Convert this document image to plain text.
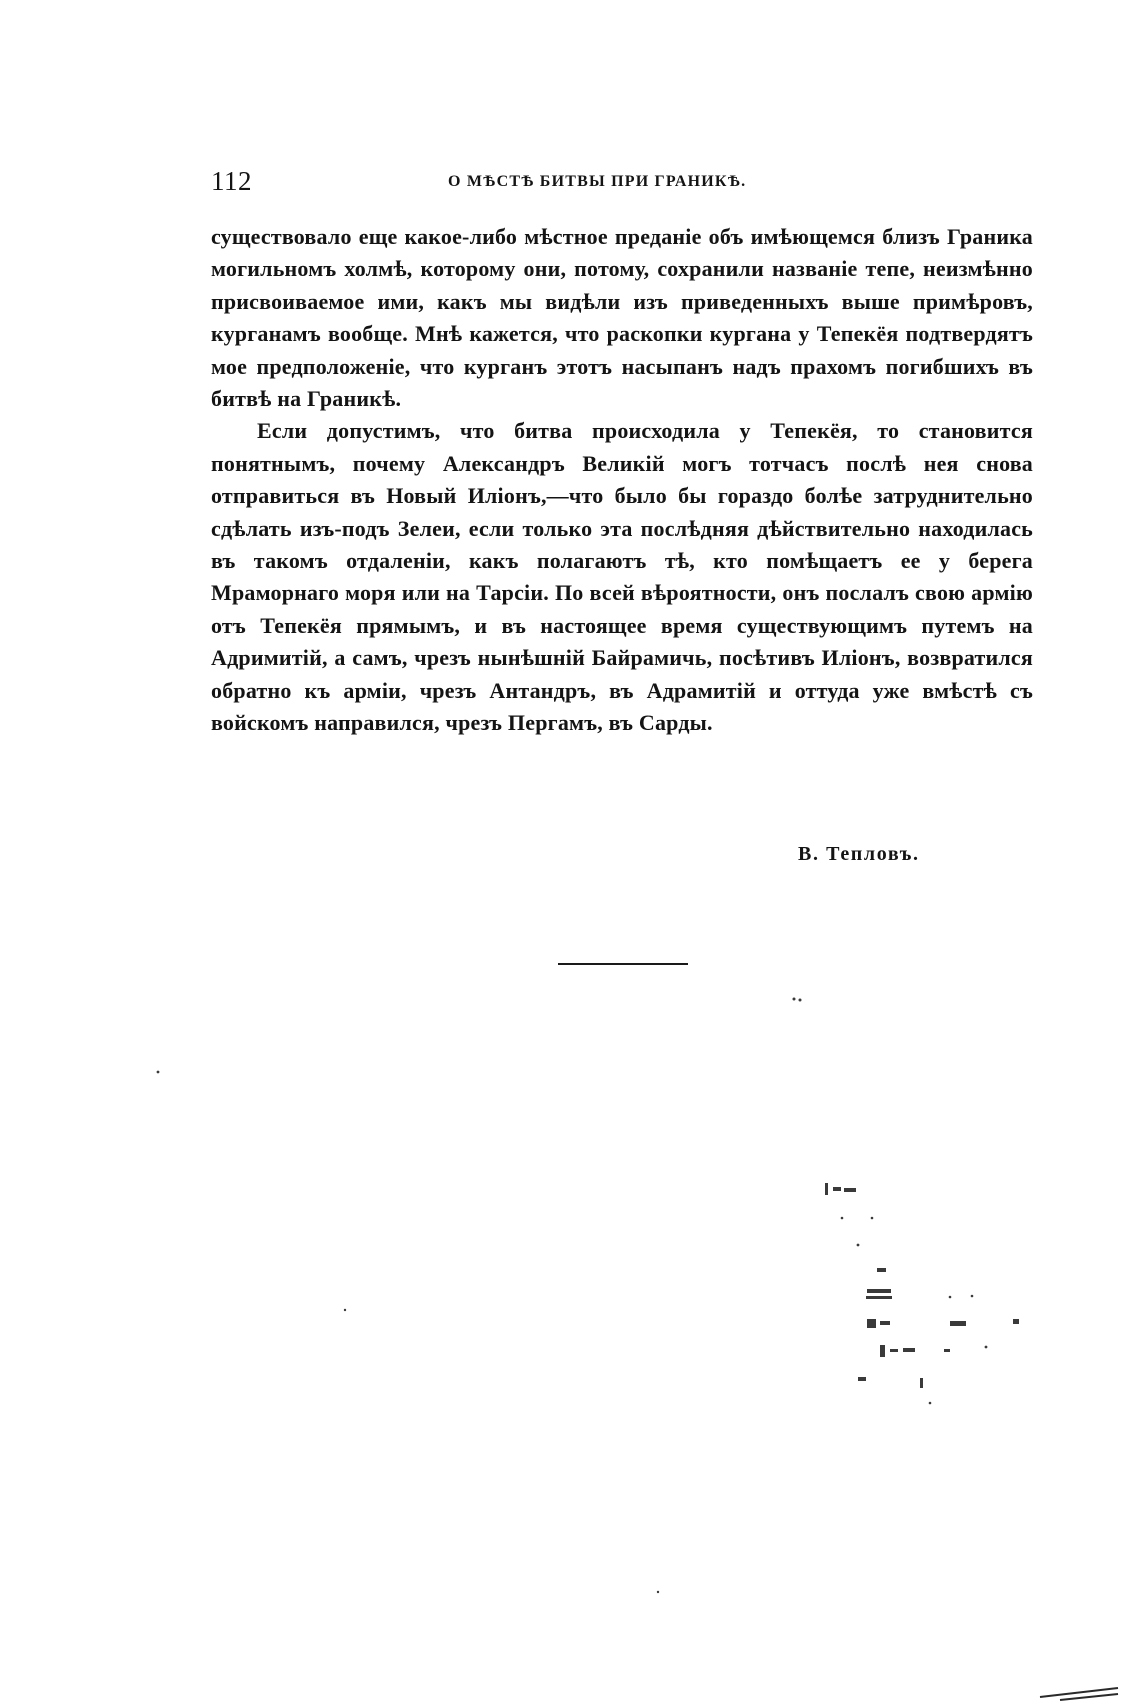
112	О МѢСТѢ БИТВЫ ПРИ ГРАНИКѢ.

существовало еще какое-либо мѣстное преданіе объ имѣющемся близъ Граника могильномъ холмѣ, которому они, потому, сохранили названіе тепе, неизмѣнно присвоиваемое ими, какъ мы видѣли изъ приведенныхъ выше примѣровъ, курганамъ вообще. Мнѣ кажется, что раскопки кургана у Тепекёя подтвердятъ мое предположеніе, что курганъ этотъ насыпанъ надъ прахомъ погибшихъ въ битвѣ на Граникѣ.

Если допустимъ, что битва происходила у Тепекёя, то становится понятнымъ, почему Александръ Великій могъ тотчасъ послѣ нея снова отправиться въ Новый Иліонъ,—что было бы гораздо болѣе затруднительно сдѣлать изъ-подъ Зелеи, если только эта послѣдняя дѣйствительно находилась въ такомъ отдаленіи, какъ полагаютъ тѣ, кто помѣщаетъ ее у берега Мраморнаго моря или на Тарсіи. По всей вѣроятности, онъ послалъ свою армію отъ Тепекёя прямымъ, и въ настоящее время существующимъ путемъ на Адримитій, а самъ, чрезъ нынѣшній Байрамичь, посѣтивъ Иліонъ, возвратился обратно къ арміи, чрезъ Антандръ, въ Адрамитій и оттуда уже вмѣстѣ съ войскомъ направился, чрезъ Пергамъ, въ Сарды.

В. Тепловъ.
